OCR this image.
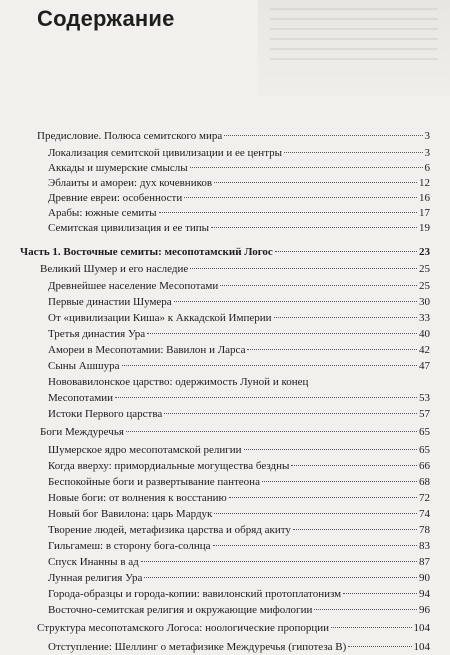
Содержание
Предисловие. Полюса семитского мира	3
Локализация семитской цивилизации и ее центры	3
Аккады и шумерские смыслы	6
Эблаиты и амореи: дух кочевников	12
Древние евреи: особенности	16
Арабы: южные семиты	17
Семитская цивилизация и ее типы	19
Часть 1. Восточные семиты: месопотамский Логос	23
Великий Шумер и его наследие	25
Древнейшее население Месопотами	25
Первые династии Шумера	30
От «цивилизации Киша» к Аккадской Империи	33
Третья династия Ура	40
Амореи в Месопотамии: Вавилон и Ларса	42
Сыны Ашшура	47
Нововавилонское царство: одержимость Луной и конец
Месопотамии	53
Истоки Первого царства	57
Боги Междуречья	65
Шумерское ядро месопотамской религии	65
Когда вверху: примордиальные могущества бездны	66
Беспокойные боги и развертывание пантеона	68
Новые боги: от волнения к восстанию	72
Новый бог Вавилона: царь Мардук	74
Творение людей, метафизика царства и обряд акиту	78
Гильгамеш: в сторону бога-солнца	83
Спуск Инанны в ад	87
Лунная религия Ура	90
Города-образцы и города-копии: вавилонский протоплатонизм	94
Восточно-семитская религия и окружающие мифологии	96
Структура месопотамского Логоса: ноологические пропорции	104
Отступление: Шеллинг о метафизике Междуречья (гипотеза В)	104
